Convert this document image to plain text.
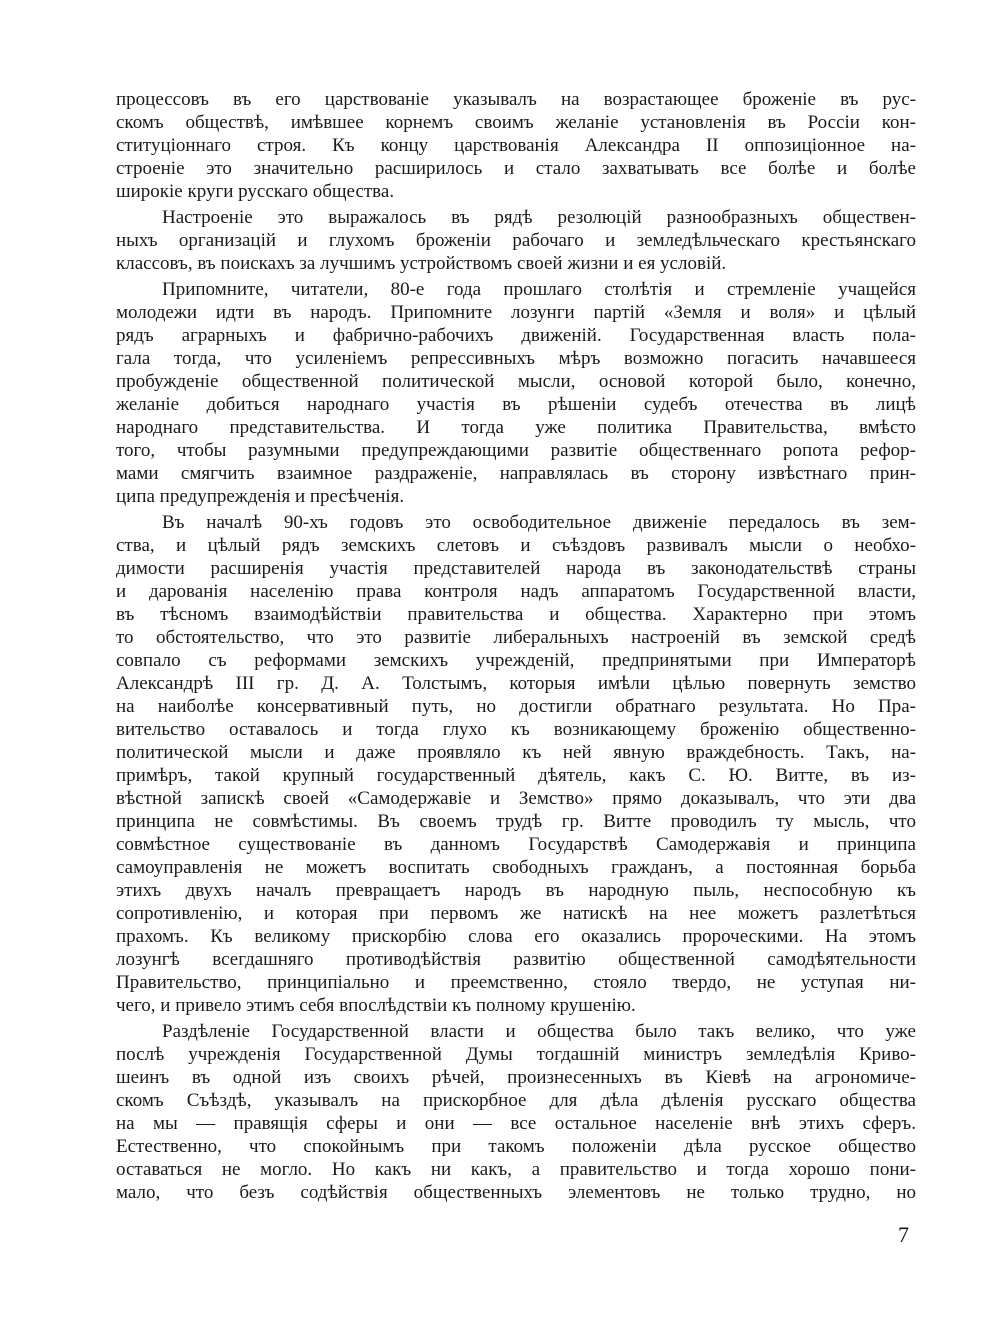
процессовъ въ его царствованіе указывалъ на возрастающее броженіе въ рус-
скомъ обществѣ, имѣвшее корнемъ своимъ желаніе установленія въ Россіи кон-
ституціоннаго строя. Къ концу царствованія Александра II оппозиціонное на-
строеніе это значительно расширилось и стало захватывать все болѣе и болѣе
широкіе круги русскаго общества.
Настроеніе это выражалось въ рядѣ резолюцій разнообразныхъ обществен-
ныхъ организацій и глухомъ броженіи рабочаго и земледѣльческаго крестьянскаго
классовъ, въ поискахъ за лучшимъ устройствомъ своей жизни и ея условій.
Припомните, читатели, 80-е года прошлаго столѣтія и стремленіе учащейся
молодежи идти въ народъ. Припомните лозунги партій «Земля и воля» и цѣлый
рядъ аграрныхъ и фабрично-рабочихъ движеній. Государственная власть пола-
гала тогда, что усиленіемъ репрессивныхъ мѣръ возможно погасить начавшееся
пробужденіе общественной политической мысли, основой которой было, конечно,
желаніе добиться народнаго участія въ рѣшеніи судебъ отечества въ лицѣ
народнаго представительства. И тогда уже политика Правительства, вмѣсто
того, чтобы разумными предупреждающими развитіе общественнаго ропота рефор-
мами смягчить взаимное раздраженіе, направлялась въ сторону извѣстнаго прин-
ципа предупрежденія и пресѣченія.
Въ началѣ 90-хъ годовъ это освободительное движеніе передалось въ зем-
ства, и цѣлый рядъ земскихъ слетовъ и съѣздовъ развивалъ мысли о необхо-
димости расширенія участія представителей народа въ законодательствѣ страны
и дарованія населенію права контроля надъ аппаратомъ Государственной власти,
въ тѣсномъ взаимодѣйствіи правительства и общества. Характерно при этомъ
то обстоятельство, что это развитіе либеральныхъ настроеній въ земской средѣ
совпало съ реформами земскихъ учрежденій, предпринятыми при Императорѣ
Александрѣ III гр. Д. А. Толстымъ, которыя имѣли цѣлью повернуть земство
на наиболѣе консервативный путь, но достигли обратнаго результата. Но Пра-
вительство оставалось и тогда глухо къ возникающему броженію общественно-
политической мысли и даже проявляло къ ней явную враждебность. Такъ, на-
примѣръ, такой крупный государственный дѣятель, какъ С. Ю. Витте, въ из-
вѣстной запискѣ своей «Самодержавіе и Земство» прямо доказывалъ, что эти два
принципа не совмѣстимы. Въ своемъ трудѣ гр. Витте проводилъ ту мысль, что
совмѣстное существованіе въ данномъ Государствѣ Самодержавія и принципа
самоуправленія не можетъ воспитать свободныхъ гражданъ, а постоянная борьба
этихъ двухъ началъ превращаетъ народъ въ народную пыль, неспособную къ
сопротивленію, и которая при первомъ же натискѣ на нее можетъ разлетѣться
прахомъ. Къ великому прискорбію слова его оказались пророческими. На этомъ
лозунгѣ всегдашняго противодѣйствія развитію общественной самодѣятельности
Правительство, принципіально и преемственно, стояло твердо, не уступая ни-
чего, и привело этимъ себя впослѣдствіи къ полному крушенію.
Раздѣленіе Государственной власти и общества было такъ велико, что уже
послѣ учрежденія Государственной Думы тогдашній министръ земледѣлія Криво-
шеинъ въ одной изъ своихъ рѣчей, произнесенныхъ въ Кіевѣ на агрономиче-
скомъ Съѣздѣ, указывалъ на прискорбное для дѣла дѣленія русскаго общества
на мы — правящія сферы и они — все остальное населеніе внѣ этихъ сферъ.
Естественно, что спокойнымъ при такомъ положеніи дѣла русское общество
оставаться не могло. Но какъ ни какъ, а правительство и тогда хорошо пони-
мало, что безъ содѣйствія общественныхъ элементовъ не только трудно, но
7
